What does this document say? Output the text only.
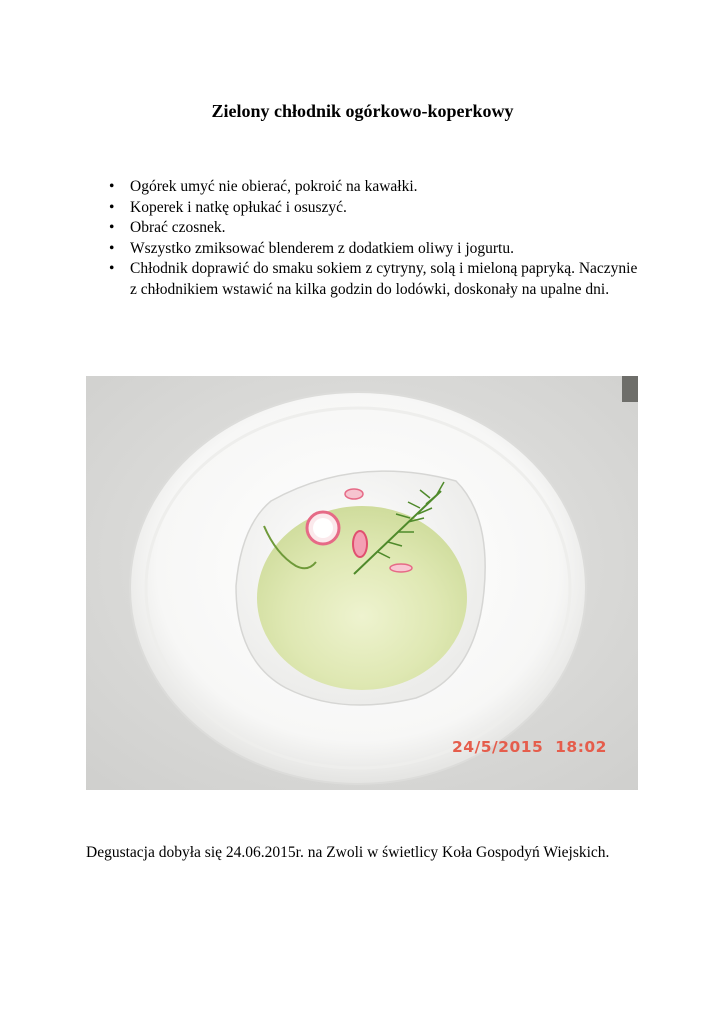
Zielony chłodnik ogórkowo-koperkowy
• Ogórek umyć nie obierać, pokroić na kawałki.
• Koperek i natkę opłukać i osuszyć.
• Obrać czosnek.
• Wszystko zmiksować blenderem z dodatkiem oliwy i jogurtu.
• Chłodnik doprawić do smaku sokiem z cytryny, solą i mieloną papryką. Naczynie z chłodnikiem wstawić na kilka godzin do lodówki, doskonały na upalne dni.
24/5/2015 18:02

Degustacja dobyła się 24.06.2015r. na Zwoli w świetlicy Koła Gospodyń Wiejskich.
